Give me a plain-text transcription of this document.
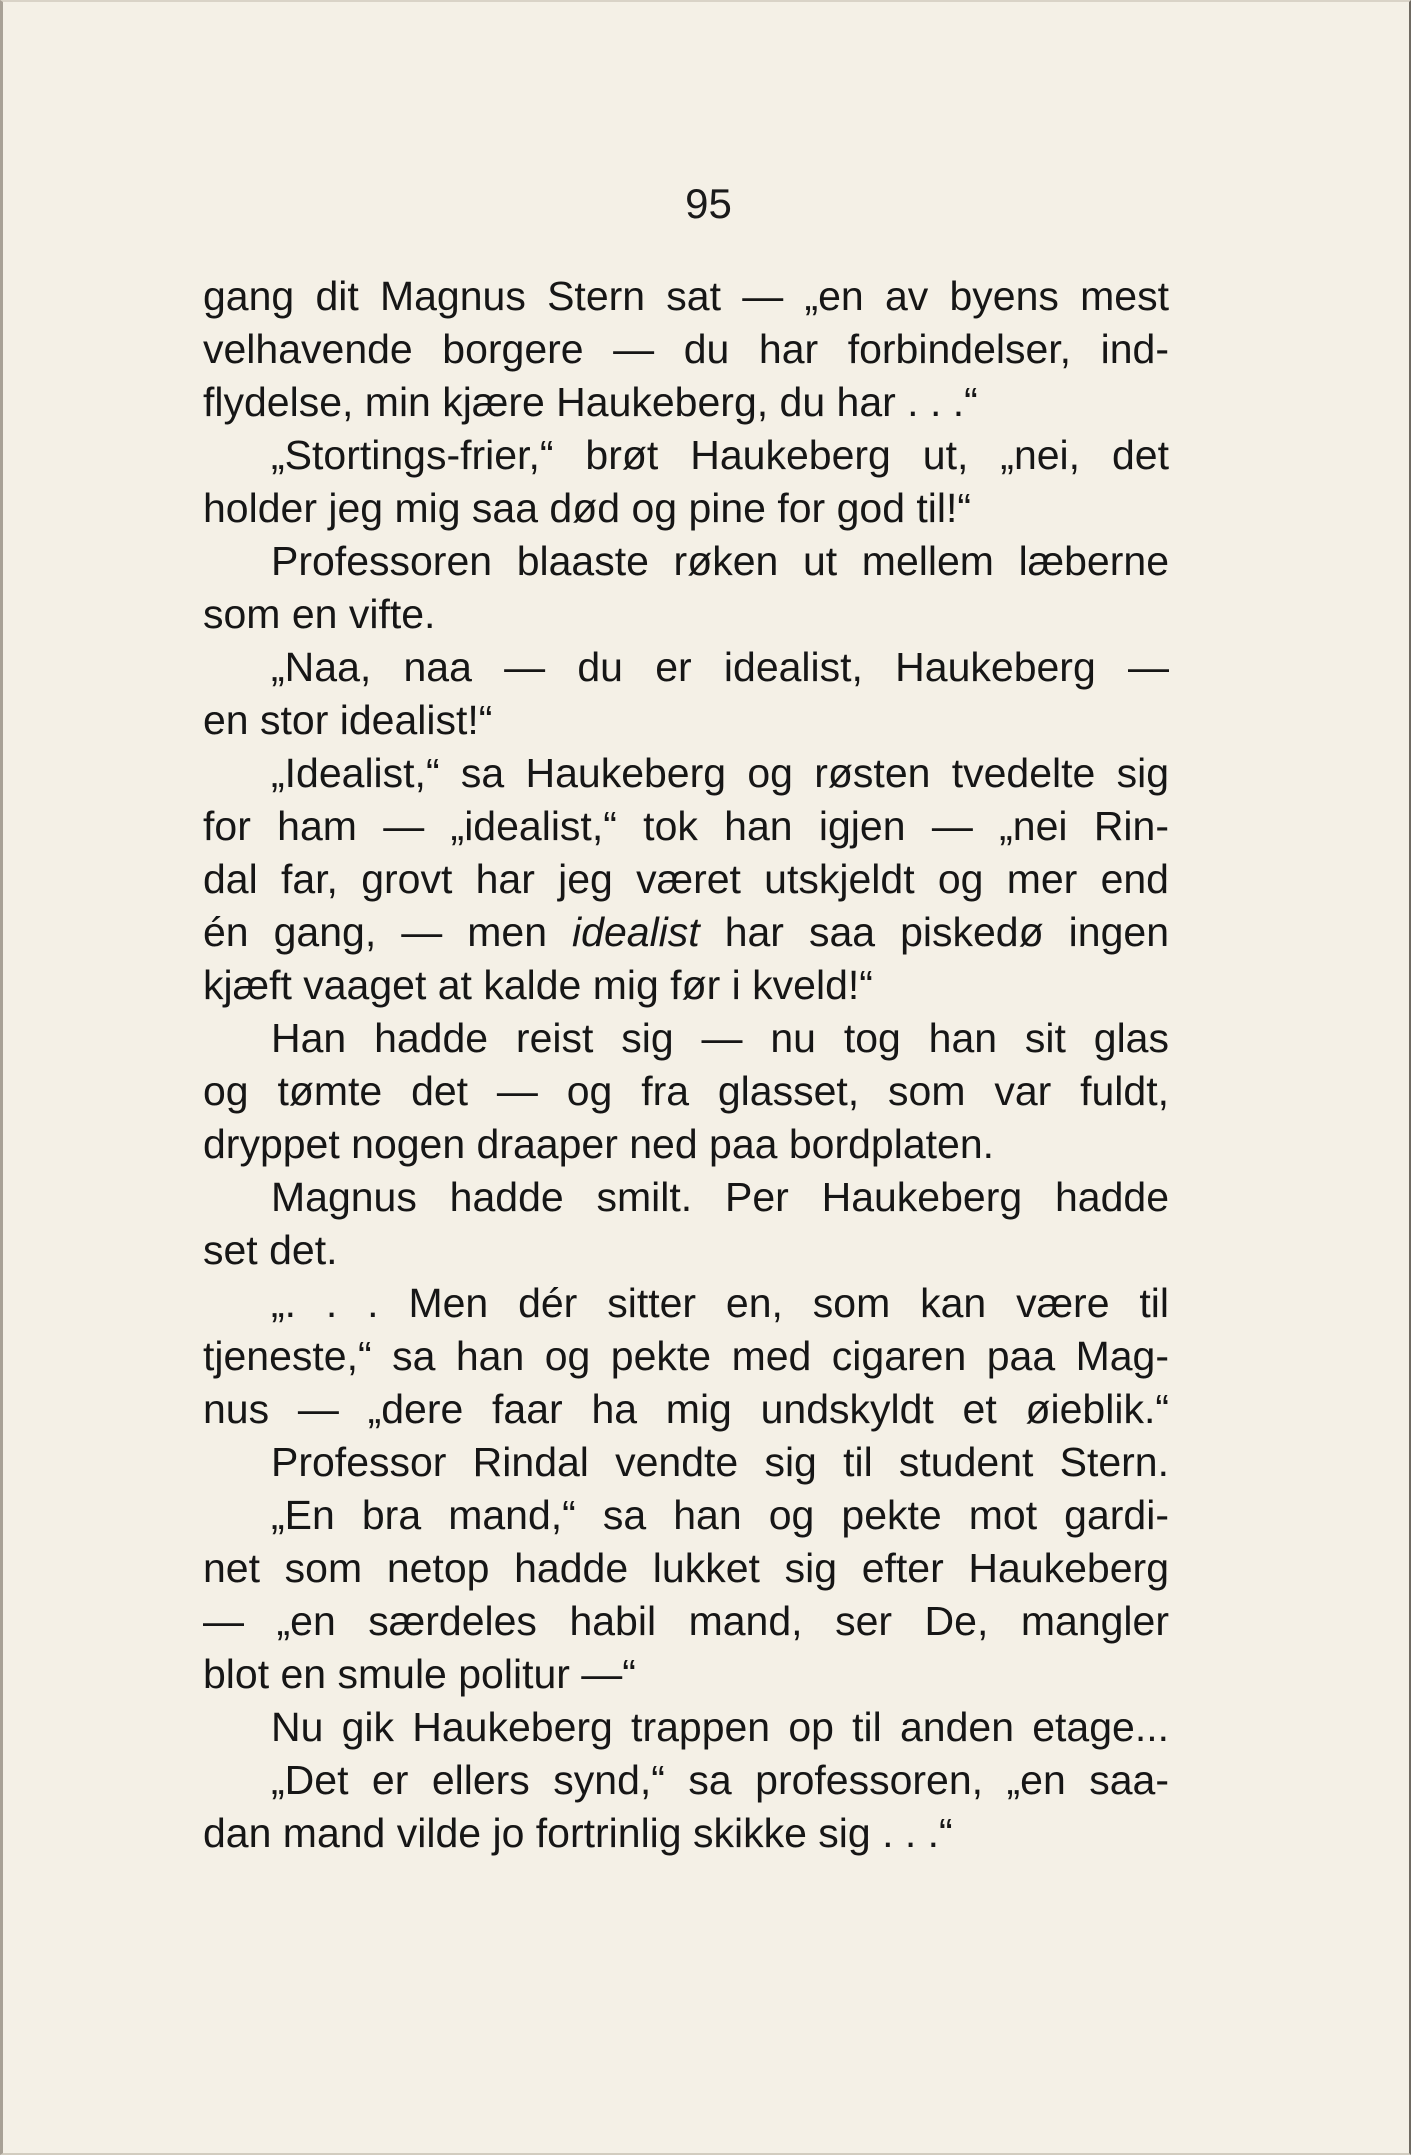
95
gang dit Magnus Stern sat — „en av byens mest
velhavende borgere — du har forbindelser, ind-
flydelse, min kjære Haukeberg, du har . . .“
„Stortings-frier,“ brøt Haukeberg ut, „nei, det
holder jeg mig saa død og pine for god til!“
Professoren blaaste røken ut mellem læberne
som en vifte.
„Naa, naa — du er idealist, Haukeberg —
en stor idealist!“
„Idealist,“ sa Haukeberg og røsten tvedelte sig
for ham — „idealist,“ tok han igjen — „nei Rin-
dal far, grovt har jeg været utskjeldt og mer end
én gang, — men idealist har saa piskedø ingen
kjæft vaaget at kalde mig før i kveld!“
Han hadde reist sig — nu tog han sit glas
og tømte det — og fra glasset, som var fuldt,
dryppet nogen draaper ned paa bordplaten.
Magnus hadde smilt. Per Haukeberg hadde
set det.
„. . . Men dér sitter en, som kan være til
tjeneste,“ sa han og pekte med cigaren paa Mag-
nus — „dere faar ha mig undskyldt et øieblik.“
Professor Rindal vendte sig til student Stern.
„En bra mand,“ sa han og pekte mot gardi-
net som netop hadde lukket sig efter Haukeberg
— „en særdeles habil mand, ser De, mangler
blot en smule politur —“
Nu gik Haukeberg trappen op til anden etage...
„Det er ellers synd,“ sa professoren, „en saa-
dan mand vilde jo fortrinlig skikke sig . . .“
